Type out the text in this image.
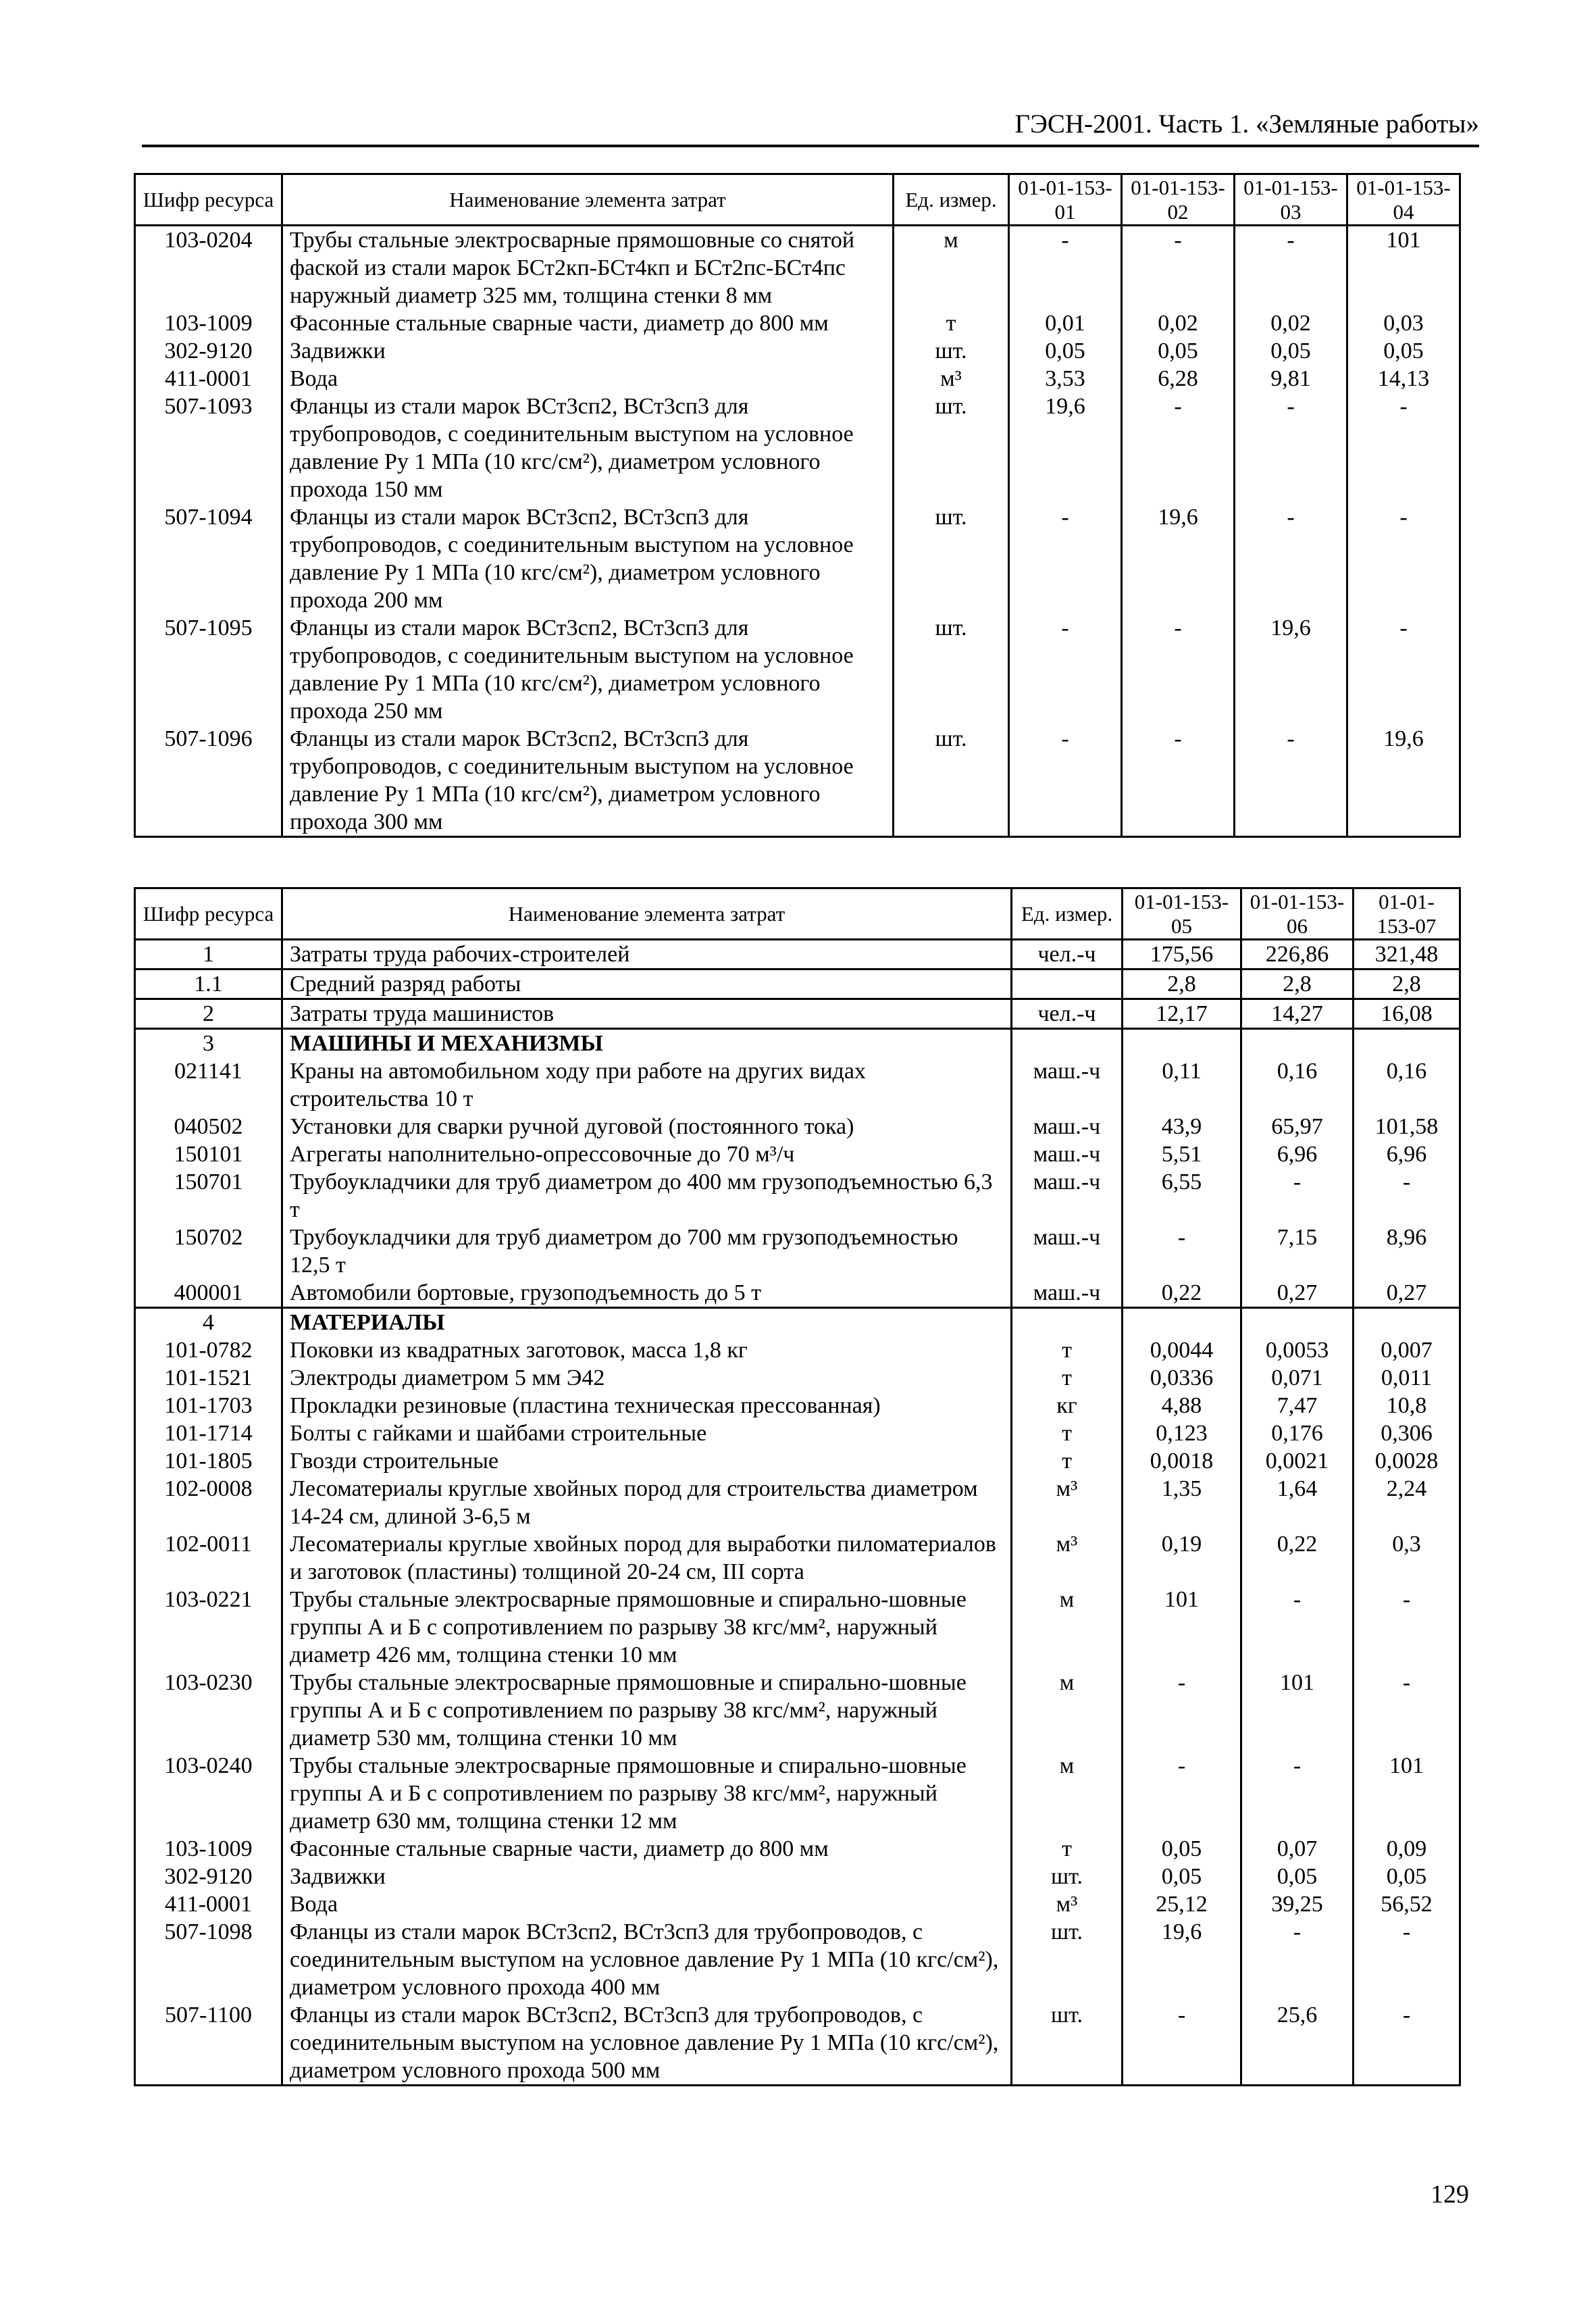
ГЭСН-2001. Часть 1. «Земляные работы»
Шифр ресурса	Наименование элемента затрат	Ед. измер.	01-01-153-01	01-01-153-02	01-01-153-03	01-01-153-04
103-0204	Трубы стальные электросварные прямошовные со снятой фаской из стали марок БСт2кп-БСт4кп и БСт2пс-БСт4пс наружный диаметр 325 мм, толщина стенки 8 мм	м	-	-	-	101
103-1009	Фасонные стальные сварные части, диаметр до 800 мм	т	0,01	0,02	0,02	0,03
302-9120	Задвижки	шт.	0,05	0,05	0,05	0,05
411-0001	Вода	м³	3,53	6,28	9,81	14,13
507-1093	Фланцы из стали марок ВСт3сп2, ВСт3сп3 для трубопроводов, с соединительным выступом на условное давление Ру 1 МПа (10 кгс/см²), диаметром условного прохода 150 мм	шт.	19,6	-	-	-
507-1094	Фланцы из стали марок ВСт3сп2, ВСт3сп3 для трубопроводов, с соединительным выступом на условное давление Ру 1 МПа (10 кгс/см²), диаметром условного прохода 200 мм	шт.	-	19,6	-	-
507-1095	Фланцы из стали марок ВСт3сп2, ВСт3сп3 для трубопроводов, с соединительным выступом на условное давление Ру 1 МПа (10 кгс/см²), диаметром условного прохода 250 мм	шт.	-	-	19,6	-
507-1096	Фланцы из стали марок ВСт3сп2, ВСт3сп3 для трубопроводов, с соединительным выступом на условное давление Ру 1 МПа (10 кгс/см²), диаметром условного прохода 300 мм	шт.	-	-	-	19,6
Шифр ресурса	Наименование элемента затрат	Ед. измер.	01-01-153-05	01-01-153-06	01-01-153-07
1	Затраты труда рабочих-строителей	чел.-ч	175,56	226,86	321,48
1.1	Средний разряд работы		2,8	2,8	2,8
2	Затраты труда машинистов	чел.-ч	12,17	14,27	16,08
3	МАШИНЫ И МЕХАНИЗМЫ				
021141	Краны на автомобильном ходу при работе на других видах строительства 10 т	маш.-ч	0,11	0,16	0,16
040502	Установки для сварки ручной дуговой (постоянного тока)	маш.-ч	43,9	65,97	101,58
150101	Агрегаты наполнительно-опрессовочные до 70 м³/ч	маш.-ч	5,51	6,96	6,96
150701	Трубоукладчики для труб диаметром до 400 мм грузоподъемностью 6,3 т	маш.-ч	6,55	-	-
150702	Трубоукладчики для труб диаметром до 700 мм грузоподъемностью 12,5 т	маш.-ч	-	7,15	8,96
400001	Автомобили бортовые, грузоподъемность до 5 т	маш.-ч	0,22	0,27	0,27
4	МАТЕРИАЛЫ				
101-0782	Поковки из квадратных заготовок, масса 1,8 кг	т	0,0044	0,0053	0,007
101-1521	Электроды диаметром 5 мм Э42	т	0,0336	0,071	0,011
101-1703	Прокладки резиновые (пластина техническая прессованная)	кг	4,88	7,47	10,8
101-1714	Болты с гайками и шайбами строительные	т	0,123	0,176	0,306
101-1805	Гвозди строительные	т	0,0018	0,0021	0,0028
102-0008	Лесоматериалы круглые хвойных пород для строительства диаметром 14-24 см, длиной 3-6,5 м	м³	1,35	1,64	2,24
102-0011	Лесоматериалы круглые хвойных пород для выработки пиломатериалов и заготовок (пластины) толщиной 20-24 см, III сорта	м³	0,19	0,22	0,3
103-0221	Трубы стальные электросварные прямошовные и спирально-шовные группы А и Б с сопротивлением по разрыву 38 кгс/мм², наружный диаметр 426 мм, толщина стенки 10 мм	м	101	-	-
103-0230	Трубы стальные электросварные прямошовные и спирально-шовные группы А и Б с сопротивлением по разрыву 38 кгс/мм², наружный диаметр 530 мм, толщина стенки 10 мм	м	-	101	-
103-0240	Трубы стальные электросварные прямошовные и спирально-шовные группы А и Б с сопротивлением по разрыву 38 кгс/мм², наружный диаметр 630 мм, толщина стенки 12 мм	м	-	-	101
103-1009	Фасонные стальные сварные части, диаметр до 800 мм	т	0,05	0,07	0,09
302-9120	Задвижки	шт.	0,05	0,05	0,05
411-0001	Вода	м³	25,12	39,25	56,52
507-1098	Фланцы из стали марок ВСт3сп2, ВСт3сп3 для трубопроводов, с соединительным выступом на условное давление Ру 1 МПа (10 кгс/см²), диаметром условного прохода 400 мм	шт.	19,6	-	-
507-1100	Фланцы из стали марок ВСт3сп2, ВСт3сп3 для трубопроводов, с соединительным выступом на условное давление Ру 1 МПа (10 кгс/см²), диаметром условного прохода 500 мм	шт.	-	25,6	-
129
